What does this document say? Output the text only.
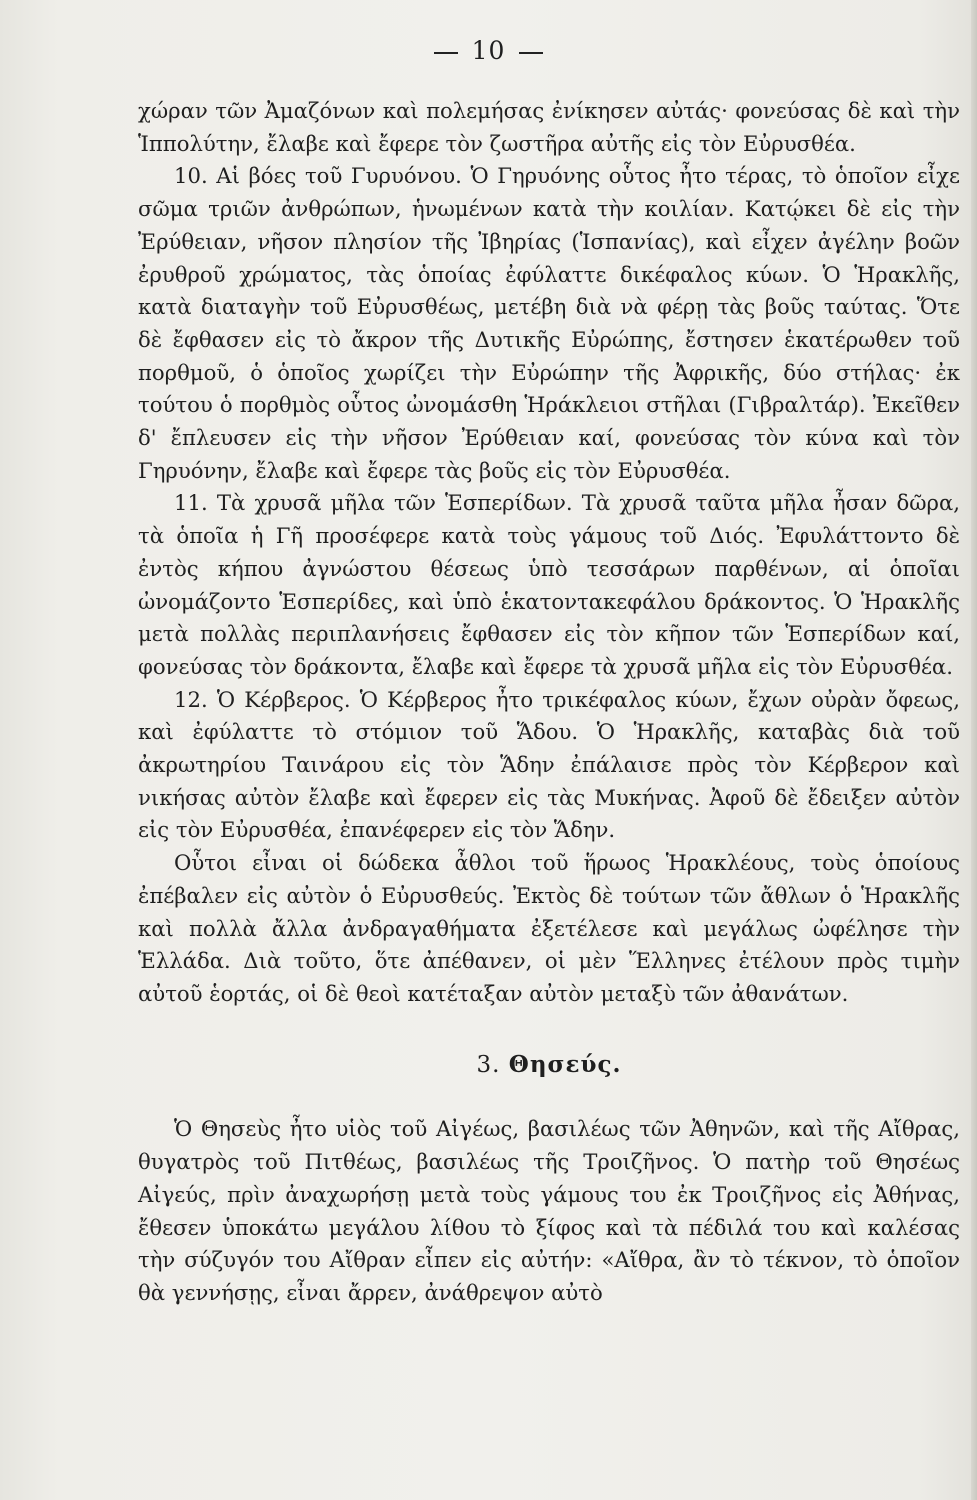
10

χώραν τῶν Ἀμαζόνων καὶ πολεμήσας ἐνίκησεν αὐτάς· φονεύσας δὲ καὶ τὴν Ἱππολύτην, ἔλαβε καὶ ἔφερε τὸν ζωστῆρα αὐτῆς εἰς τὸν Εὐρυσθέα.

10. Αἱ βόες τοῦ Γυρυόνου. Ὁ Γηρυόνης οὗτος ἦτο τέρας, τὸ ὁποῖον εἶχε σῶμα τριῶν ἀνθρώπων, ἡνωμένων κατὰ τὴν κοιλίαν. Κατῴκει δὲ εἰς τὴν Ἐρύθειαν, νῆσον πλησίον τῆς Ἰβηρίας (Ἱσπανίας), καὶ εἶχεν ἀγέλην βοῶν ἐρυθροῦ χρώματος, τὰς ὁποίας ἐφύλαττε δικέφαλος κύων. Ὁ Ἡρακλῆς, κατὰ διαταγὴν τοῦ Εὐρυσθέως, μετέβη διὰ νὰ φέρῃ τὰς βοῦς ταύτας. Ὅτε δὲ ἔφθασεν εἰς τὸ ἄκρον τῆς Δυτικῆς Εὐρώπης, ἔστησεν ἑκατέρωθεν τοῦ πορθμοῦ, ὁ ὁποῖος χωρίζει τὴν Εὐρώπην τῆς Ἀφρικῆς, δύο στήλας· ἐκ τούτου ὁ πορθμὸς οὗτος ὠνομάσθη Ἡράκλειοι στῆλαι (Γιβραλτάρ). Ἐκεῖθεν δ' ἔπλευσεν εἰς τὴν νῆσον Ἐρύθειαν καί, φονεύσας τὸν κύνα καὶ τὸν Γηρυόνην, ἔλαβε καὶ ἔφερε τὰς βοῦς εἰς τὸν Εὐρυσθέα.

11. Τὰ χρυσᾶ μῆλα τῶν Ἑσπερίδων. Τὰ χρυσᾶ ταῦτα μῆλα ἦσαν δῶρα, τὰ ὁποῖα ἡ Γῆ προσέφερε κατὰ τοὺς γάμους τοῦ Διός. Ἐφυλάττοντο δὲ ἐντὸς κήπου ἀγνώστου θέσεως ὑπὸ τεσσάρων παρθένων, αἱ ὁποῖαι ὠνομάζοντο Ἑσπερίδες, καὶ ὑπὸ ἑκατοντακεφάλου δράκοντος. Ὁ Ἡρακλῆς μετὰ πολλὰς περιπλανήσεις ἔφθασεν εἰς τὸν κῆπον τῶν Ἑσπερίδων καί, φονεύσας τὸν δράκοντα, ἔλαβε καὶ ἔφερε τὰ χρυσᾶ μῆλα εἰς τὸν Εὐρυσθέα.

12. Ὁ Κέρβερος. Ὁ Κέρβερος ἦτο τρικέφαλος κύων, ἔχων οὐρὰν ὄφεως, καὶ ἐφύλαττε τὸ στόμιον τοῦ Ἅδου. Ὁ Ἡρακλῆς, καταβὰς διὰ τοῦ ἀκρωτηρίου Ταινάρου εἰς τὸν Ἅδην ἐπάλαισε πρὸς τὸν Κέρβερον καὶ νικήσας αὐτὸν ἔλαβε καὶ ἔφερεν εἰς τὰς Μυκήνας. Ἀφοῦ δὲ ἔδειξεν αὐτὸν εἰς τὸν Εὐρυσθέα, ἐπανέφερεν εἰς τὸν Ἅδην.

Οὗτοι εἶναι οἱ δώδεκα ἆθλοι τοῦ ἥρωος Ἡρακλέους, τοὺς ὁποίους ἐπέβαλεν εἰς αὐτὸν ὁ Εὐρυσθεύς. Ἐκτὸς δὲ τούτων τῶν ἄθλων ὁ Ἡρακλῆς καὶ πολλὰ ἄλλα ἀνδραγαθήματα ἐξετέλεσε καὶ μεγάλως ὠφέλησε τὴν Ἑλλάδα. Διὰ τοῦτο, ὅτε ἀπέθανεν, οἱ μὲν Ἕλληνες ἐτέλουν πρὸς τιμὴν αὐτοῦ ἑορτάς, οἱ δὲ θεοὶ κατέταξαν αὐτὸν μεταξὺ τῶν ἀθανάτων.

3. Θησεύς.

Ὁ Θησεὺς ἦτο υἱὸς τοῦ Αἰγέως, βασιλέως τῶν Ἀθηνῶν, καὶ τῆς Αἴθρας, θυγατρὸς τοῦ Πιτθέως, βασιλέως τῆς Τροιζῆνος. Ὁ πατὴρ τοῦ Θησέως Αἰγεύς, πρὶν ἀναχωρήσῃ μετὰ τοὺς γάμους του ἐκ Τροιζῆνος εἰς Ἀθήνας, ἔθεσεν ὑποκάτω μεγάλου λίθου τὸ ξίφος καὶ τὰ πέδιλά του καὶ καλέσας τὴν σύζυγόν του Αἴθραν εἶπεν εἰς αὐτήν: «Αἴθρα, ἂν τὸ τέκνον, τὸ ὁποῖον θὰ γεννήσῃς, εἶναι ἄρρεν, ἀνάθρεψον αὐτὸ
